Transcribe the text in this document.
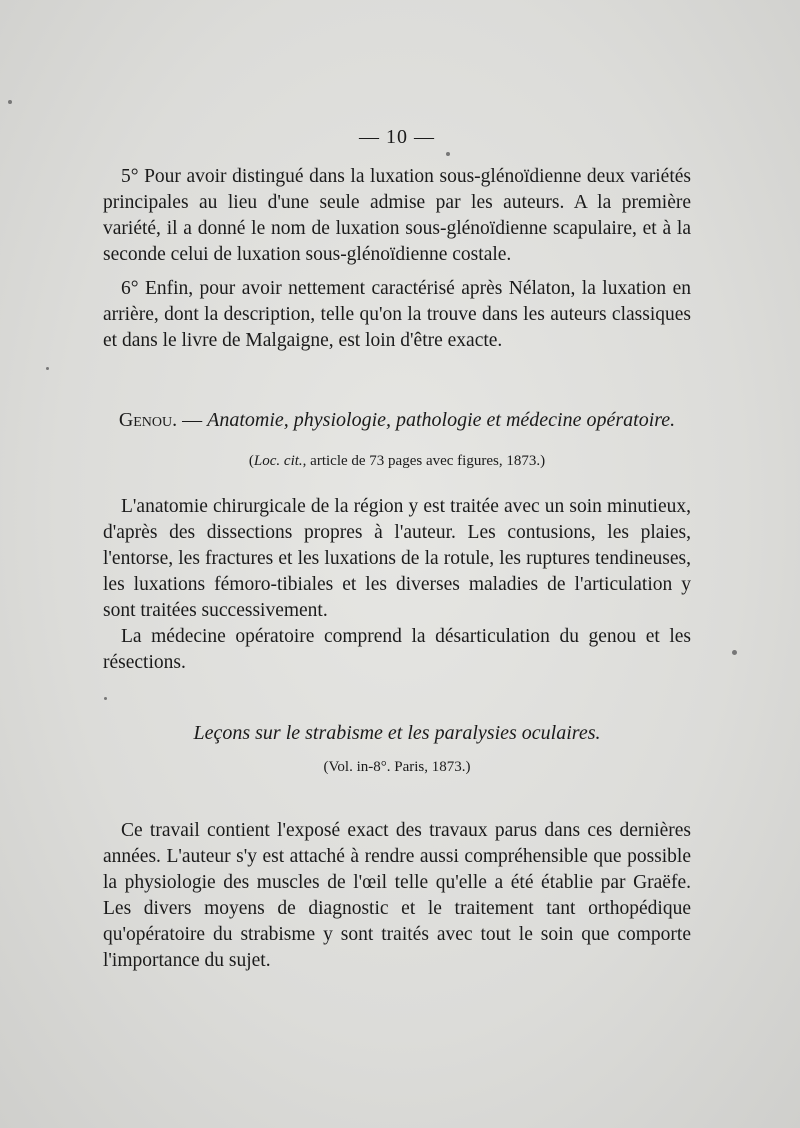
— 10 —

5° Pour avoir distingué dans la luxation sous-glénoïdienne deux variétés principales au lieu d'une seule admise par les auteurs. A la première variété, il a donné le nom de luxation sous-glénoïdienne scapulaire, et à la seconde celui de luxation sous-glénoïdienne costale.

6° Enfin, pour avoir nettement caractérisé après Nélaton, la luxation en arrière, dont la description, telle qu'on la trouve dans les auteurs classiques et dans le livre de Malgaigne, est loin d'être exacte.

Genou. — Anatomie, physiologie, pathologie et médecine opératoire.
(Loc. cit., article de 73 pages avec figures, 1873.)

L'anatomie chirurgicale de la région y est traitée avec un soin minutieux, d'après des dissections propres à l'auteur. Les contusions, les plaies, l'entorse, les fractures et les luxations de la rotule, les ruptures tendineuses, les luxations fémoro-tibiales et les diverses maladies de l'articulation y sont traitées successivement.

La médecine opératoire comprend la désarticulation du genou et les résections.

Leçons sur le strabisme et les paralysies oculaires.
(Vol. in-8°. Paris, 1873.)

Ce travail contient l'exposé exact des travaux parus dans ces dernières années. L'auteur s'y est attaché à rendre aussi compréhensible que possible la physiologie des muscles de l'œil telle qu'elle a été établie par Graëfe. Les divers moyens de diagnostic et le traitement tant orthopédique qu'opératoire du strabisme y sont traités avec tout le soin que comporte l'importance du sujet.
